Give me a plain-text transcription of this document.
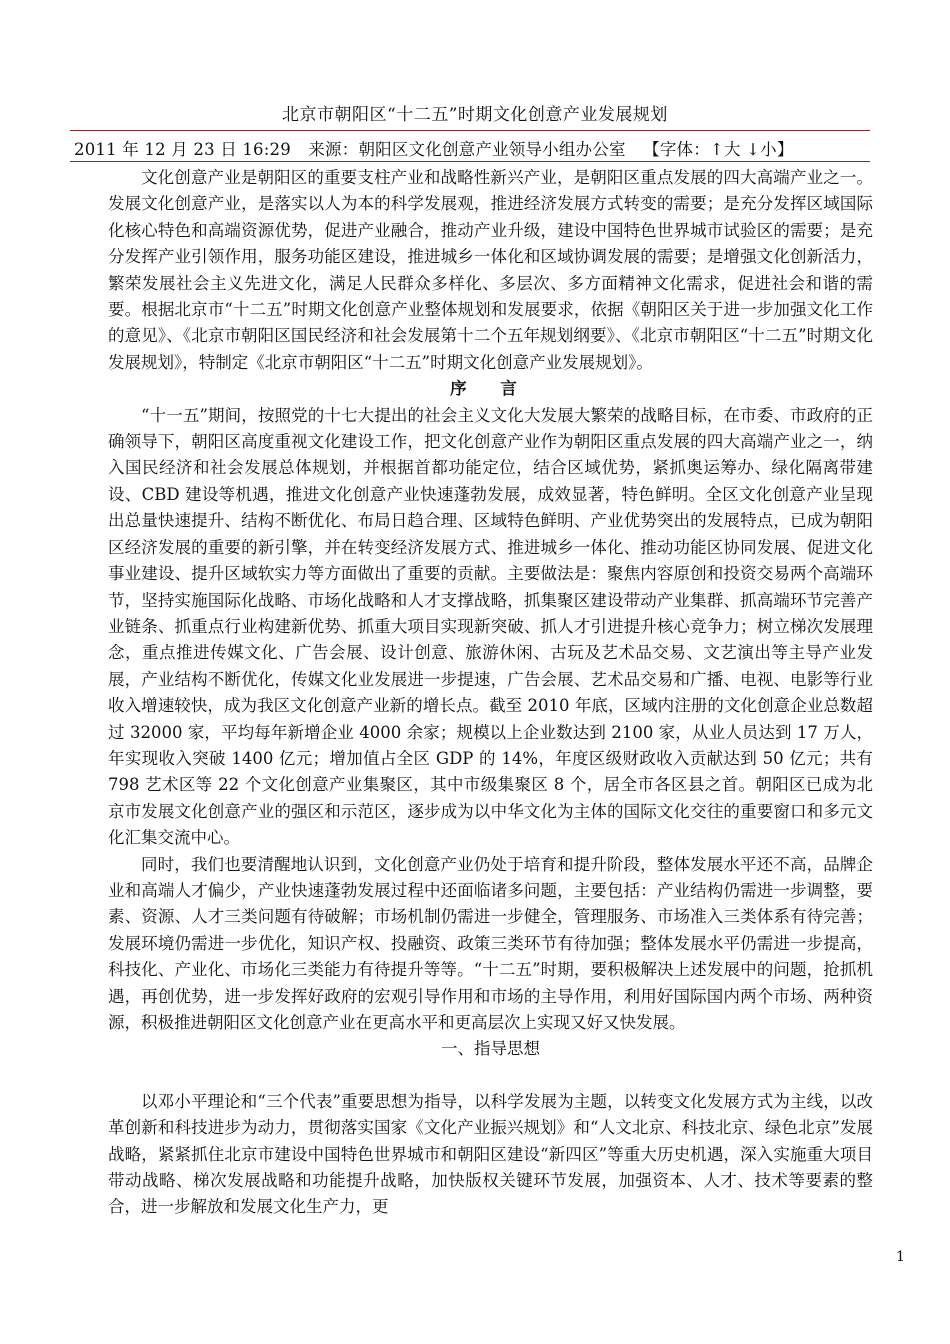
北京市朝阳区“十二五”时期文化创意产业发展规划
2011 年 12 月 23 日 16:29 来源：朝阳区文化创意产业领导小组办公室 【字体：↑大 ↓小】

文化创意产业是朝阳区的重要支柱产业和战略性新兴产业，是朝阳区重点发展的四大高端产业之一。发展文化创意产业，是落实以人为本的科学发展观，推进经济发展方式转变的需要；是充分发挥区域国际化核心特色和高端资源优势，促进产业融合，推动产业升级，建设中国特色世界城市试验区的需要；是充分发挥产业引领作用，服务功能区建设，推进城乡一体化和区域协调发展的需要；是增强文化创新活力，繁荣发展社会主义先进文化，满足人民群众多样化、多层次、多方面精神文化需求，促进社会和谐的需要。根据北京市“十二五”时期文化创意产业整体规划和发展要求，依据《朝阳区关于进一步加强文化工作的意见》、《北京市朝阳区国民经济和社会发展第十二个五年规划纲要》、《北京市朝阳区“十二五”时期文化发展规划》，特制定《北京市朝阳区“十二五”时期文化创意产业发展规划》。

序 言

“十一五”期间，按照党的十七大提出的社会主义文化大发展大繁荣的战略目标，在市委、市政府的正确领导下，朝阳区高度重视文化建设工作，把文化创意产业作为朝阳区重点发展的四大高端产业之一，纳入国民经济和社会发展总体规划，并根据首都功能定位，结合区域优势，紧抓奥运筹办、绿化隔离带建设、CBD 建设等机遇，推进文化创意产业快速蓬勃发展，成效显著，特色鲜明。全区文化创意产业呈现出总量快速提升、结构不断优化、布局日趋合理、区域特色鲜明、产业优势突出的发展特点，已成为朝阳区经济发展的重要的新引擎，并在转变经济发展方式、推进城乡一体化、推动功能区协同发展、促进文化事业建设、提升区域软实力等方面做出了重要的贡献。主要做法是：聚焦内容原创和投资交易两个高端环节，坚持实施国际化战略、市场化战略和人才支撑战略，抓集聚区建设带动产业集群、抓高端环节完善产业链条、抓重点行业构建新优势、抓重大项目实现新突破、抓人才引进提升核心竞争力；树立梯次发展理念，重点推进传媒文化、广告会展、设计创意、旅游休闲、古玩及艺术品交易、文艺演出等主导产业发展，产业结构不断优化，传媒文化业发展进一步提速，广告会展、艺术品交易和广播、电视、电影等行业收入增速较快，成为我区文化创意产业新的增长点。截至 2010 年底，区域内注册的文化创意企业总数超过 32000 家，平均每年新增企业 4000 余家；规模以上企业数达到 2100 家，从业人员达到 17 万人，年实现收入突破 1400 亿元；增加值占全区 GDP 的 14%，年度区级财政收入贡献达到 50 亿元；共有 798 艺术区等 22 个文化创意产业集聚区，其中市级集聚区 8 个，居全市各区县之首。朝阳区已成为北京市发展文化创意产业的强区和示范区，逐步成为以中华文化为主体的国际文化交往的重要窗口和多元文化汇集交流中心。

同时，我们也要清醒地认识到，文化创意产业仍处于培育和提升阶段，整体发展水平还不高，品牌企业和高端人才偏少，产业快速蓬勃发展过程中还面临诸多问题，主要包括：产业结构仍需进一步调整，要素、资源、人才三类问题有待破解；市场机制仍需进一步健全，管理服务、市场准入三类体系有待完善；发展环境仍需进一步优化，知识产权、投融资、政策三类环节有待加强；整体发展水平仍需进一步提高，科技化、产业化、市场化三类能力有待提升等等。“十二五”时期，要积极解决上述发展中的问题，抢抓机遇，再创优势，进一步发挥好政府的宏观引导作用和市场的主导作用，利用好国际国内两个市场、两种资源，积极推进朝阳区文化创意产业在更高水平和更高层次上实现又好又快发展。

一、指导思想

以邓小平理论和“三个代表”重要思想为指导，以科学发展为主题，以转变文化发展方式为主线，以改革创新和科技进步为动力，贯彻落实国家《文化产业振兴规划》和“人文北京、科技北京、绿色北京”发展战略，紧紧抓住北京市建设中国特色世界城市和朝阳区建设“新四区”等重大历史机遇，深入实施重大项目带动战略、梯次发展战略和功能提升战略，加快版权关键环节发展，加强资本、人才、技术等要素的整合，进一步解放和发展文化生产力，更

1
